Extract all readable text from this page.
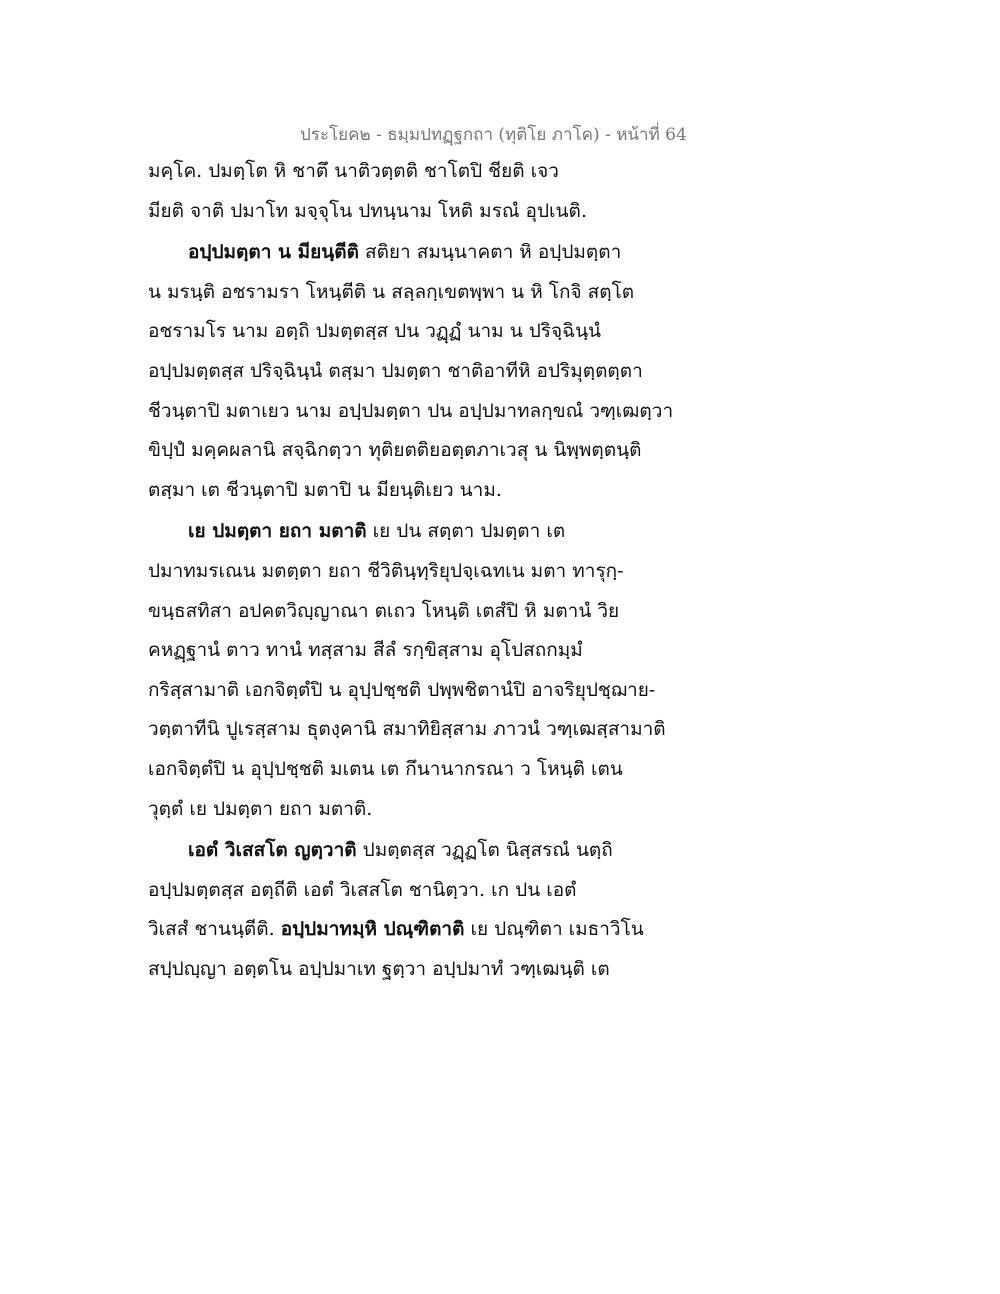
ประโยค๒ - ธมฺมปทฏฺฐกถา (ทุติโย ภาโค) - หน้าที่ 64
มคฺโค. ปมตฺโต หิ ชาตึ นาติวตฺตติ ชาโตปิ ชียติ เจว
มียติ จาติ ปมาโท มจฺจุโน ปทนฺนาม โหติ มรณํ อุปเนติ.
อปฺปมตฺตา น มียนฺตีติ สติยา สมนฺนาคตา หิ อปฺปมตฺตา
น มรนฺติ อชรามรา โหนฺตีติ น สลฺลกฺเขตพฺพา น หิ โกจิ สตฺโต
อชรามโร นาม อตฺถิ ปมตฺตสฺส ปน วฏฺฏํ นาม น ปริจฺฉินฺนํ
อปฺปมตฺตสฺส ปริจฺฉินฺนํ ตสฺมา ปมตฺตา ชาติอาทีหิ อปริมุตฺตตฺตา
ชีวนฺตาปิ มตาเยว นาม อปฺปมตฺตา ปน อปฺปมาทลกฺขณํ วฑฺเฒตฺวา
ขิปฺปํ มคฺคผลานิ สจฺฉิกตฺวา ทุติยตติยอตฺตภาเวสุ น นิพฺพตฺตนฺติ
ตสฺมา เต ชีวนฺตาปิ มตาปิ น มียนฺติเยว นาม.
เย ปมตฺตา ยถา มตาติ เย ปน สตฺตา ปมตฺตา เต
ปมาทมรเณน มตตฺตา ยถา ชีวิตินฺทฺริยุปจฺเฉทเน มตา ทารุกฺ-
ขนฺธสทิสา อปคตวิญฺญาณา ตเถว โหนฺติ เตสํปิ หิ มตานํ วิย
คหฏฺฐานํ ตาว ทานํ ทสฺสาม สีลํ รกฺขิสฺสาม อุโปสถกมฺมํ
กริสฺสามาติ เอกจิตฺตํปิ น อุปฺปชฺชติ ปพฺพชิตานํปิ อาจริยุปชฺฌาย-
วตฺตาทีนิ ปูเรสฺสาม ธุตงฺคานิ สมาทิยิสฺสาม ภาวนํ วฑฺเฒสฺสามาติ
เอกจิตฺตํปิ น อุปฺปชฺชติ มเตน เต กึนานากรณา ว โหนฺติ เตน
วุตฺตํ เย ปมตฺตา ยถา มตาติ.
เอตํ วิเสสโต ญตฺวาติ ปมตฺตสฺส วฏฺฏโต นิสฺสรณํ นตฺถิ
อปฺปมตฺตสฺส อตฺถีติ เอตํ วิเสสโต ชานิตฺวา. เก ปน เอตํ
วิเสสํ ชานนฺตีติ. อปฺปมาทมฺหิ ปณฺฑิตาติ เย ปณฺฑิตา เมธาวิโน
สปฺปญฺญา อตฺตโน อปฺปมาเท ฐตฺวา อปฺปมาทํ วฑฺเฒนฺติ เต
